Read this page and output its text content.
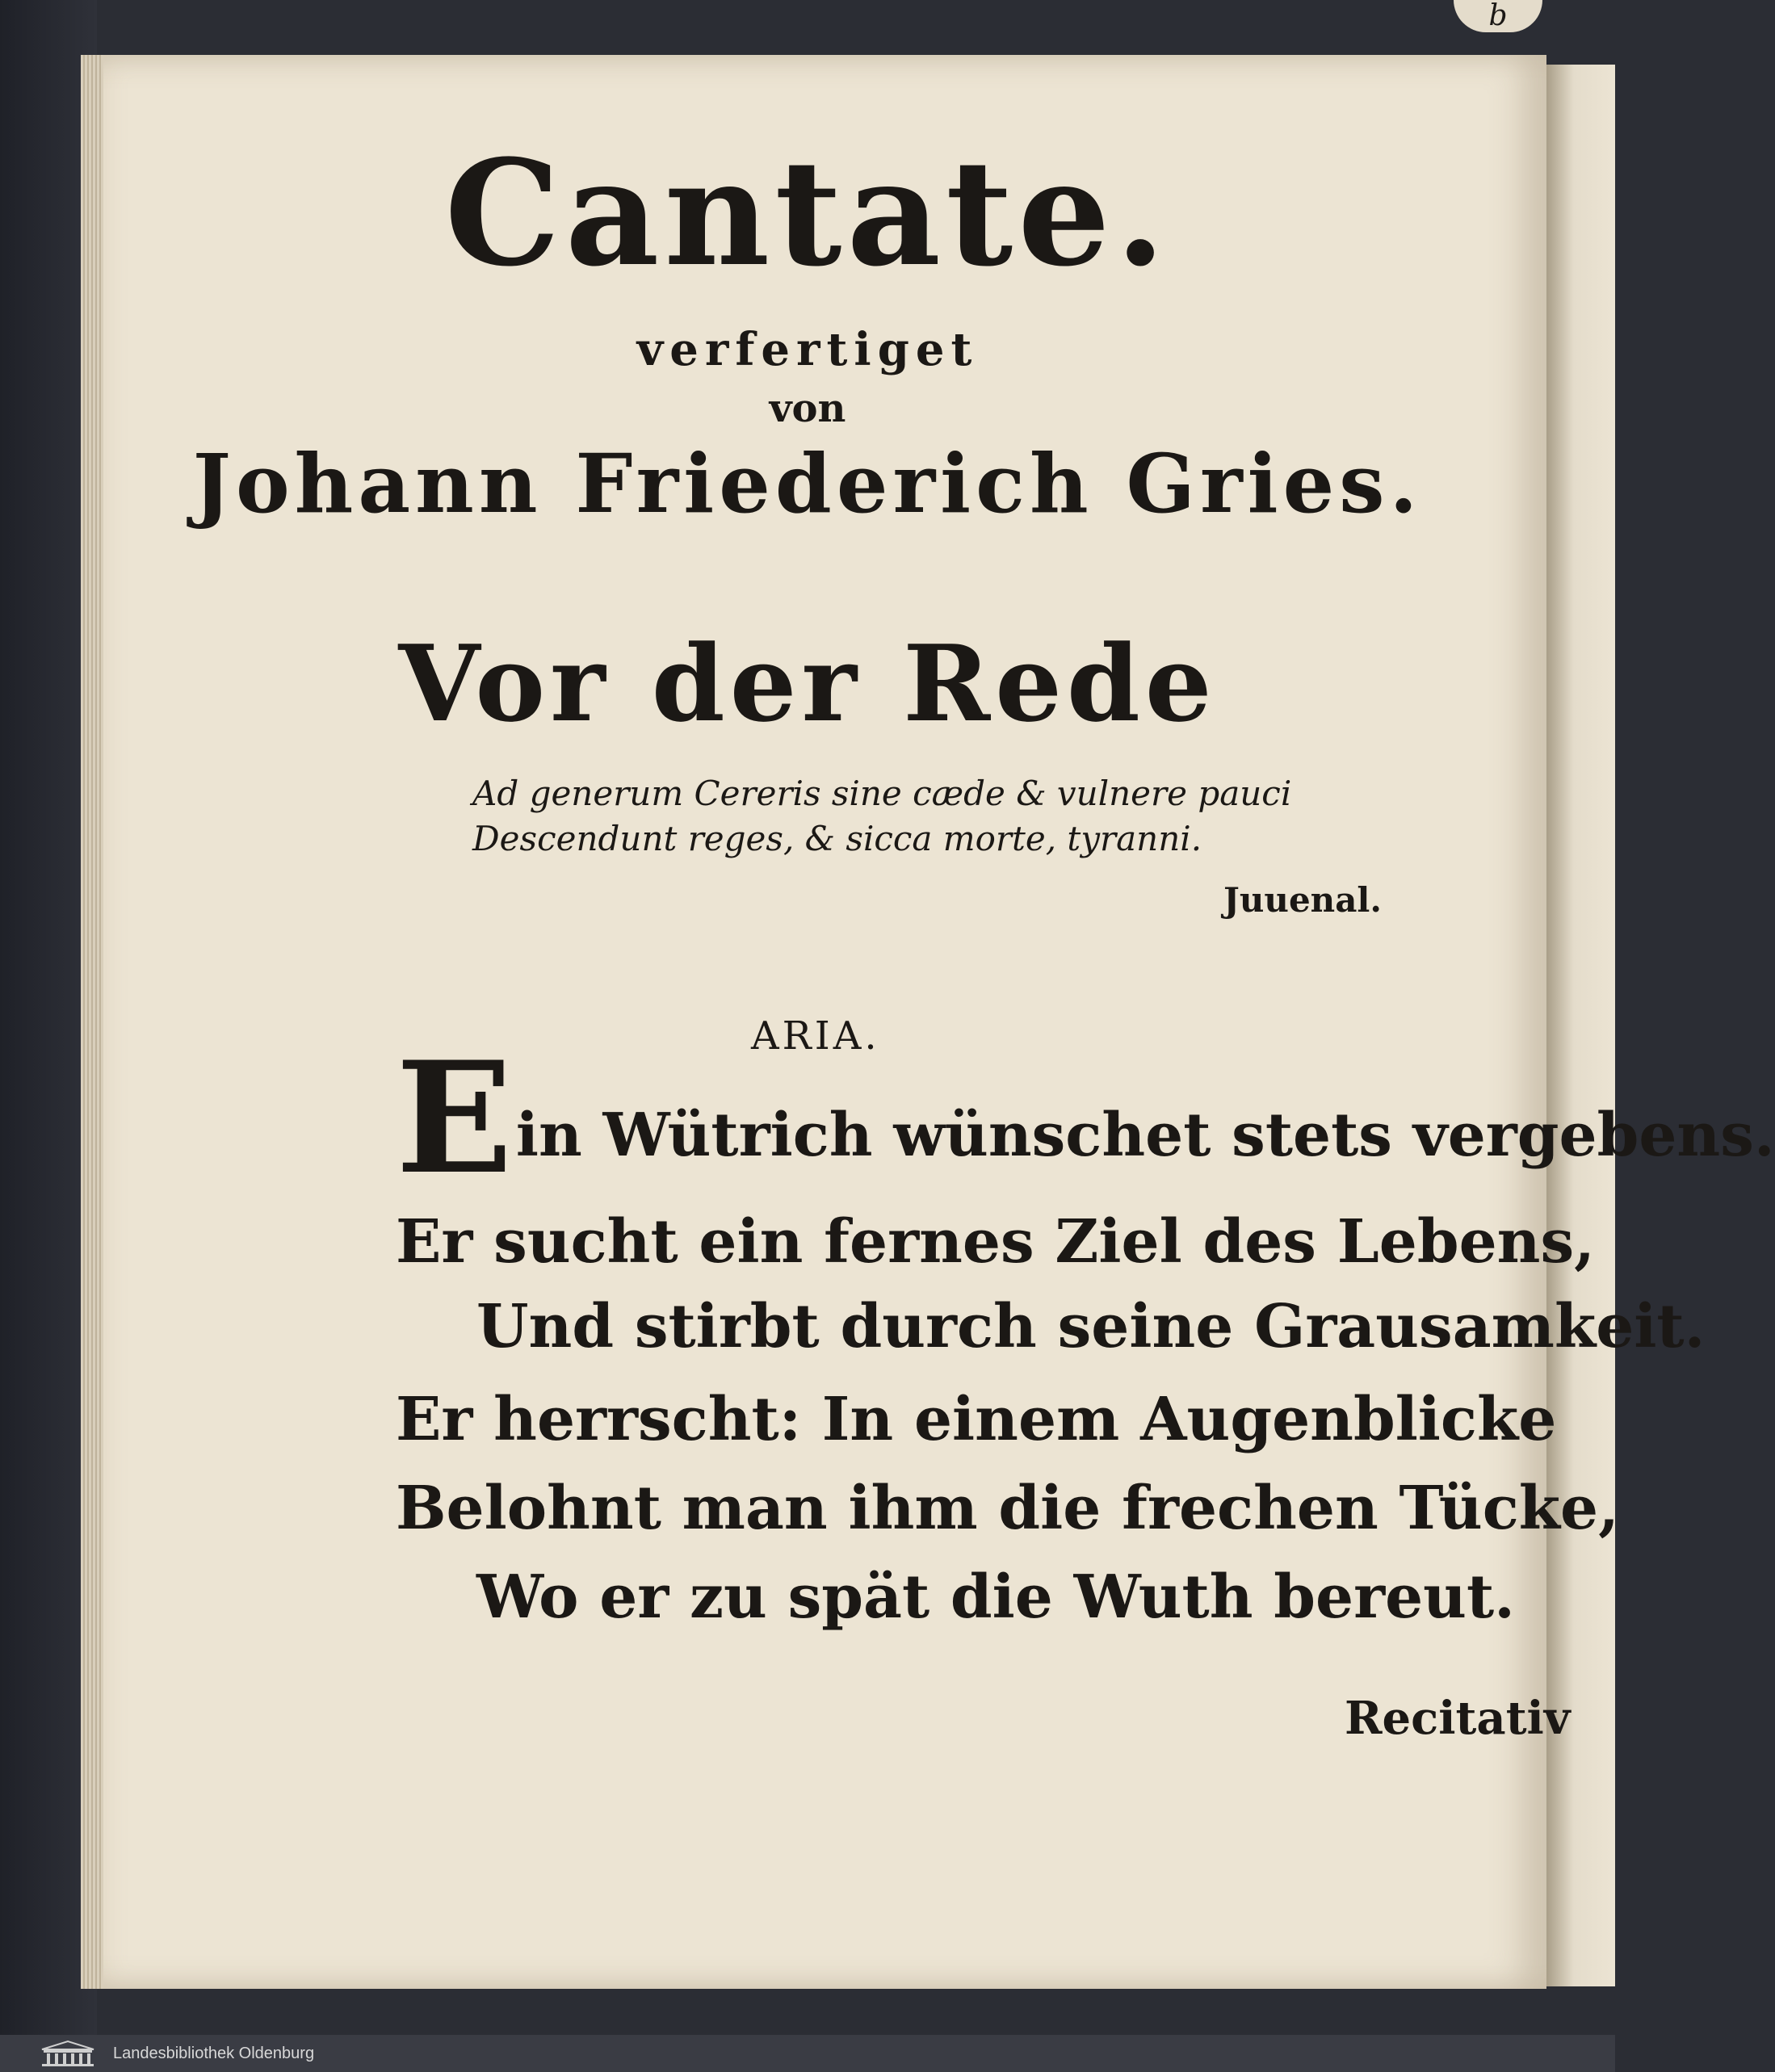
b
Cantate.
verfertiget
von
Johann Friederich Gries.
Vor der Rede
Ad generum Cereris sine cæde & vulnere pauci
Descendunt reges, & sicca morte, tyranni.
Juuenal.
ARIA.
Ein Wütrich wünschet stets vergebens.
Er sucht ein fernes Ziel des Lebens,
Und stirbt durch seine Grausamkeit.
Er herrscht: In einem Augenblicke
Belohnt man ihm die frechen Tücke,
Wo er zu spät die Wuth bereut.
Recitativ
Landesbibliothek Oldenburg
